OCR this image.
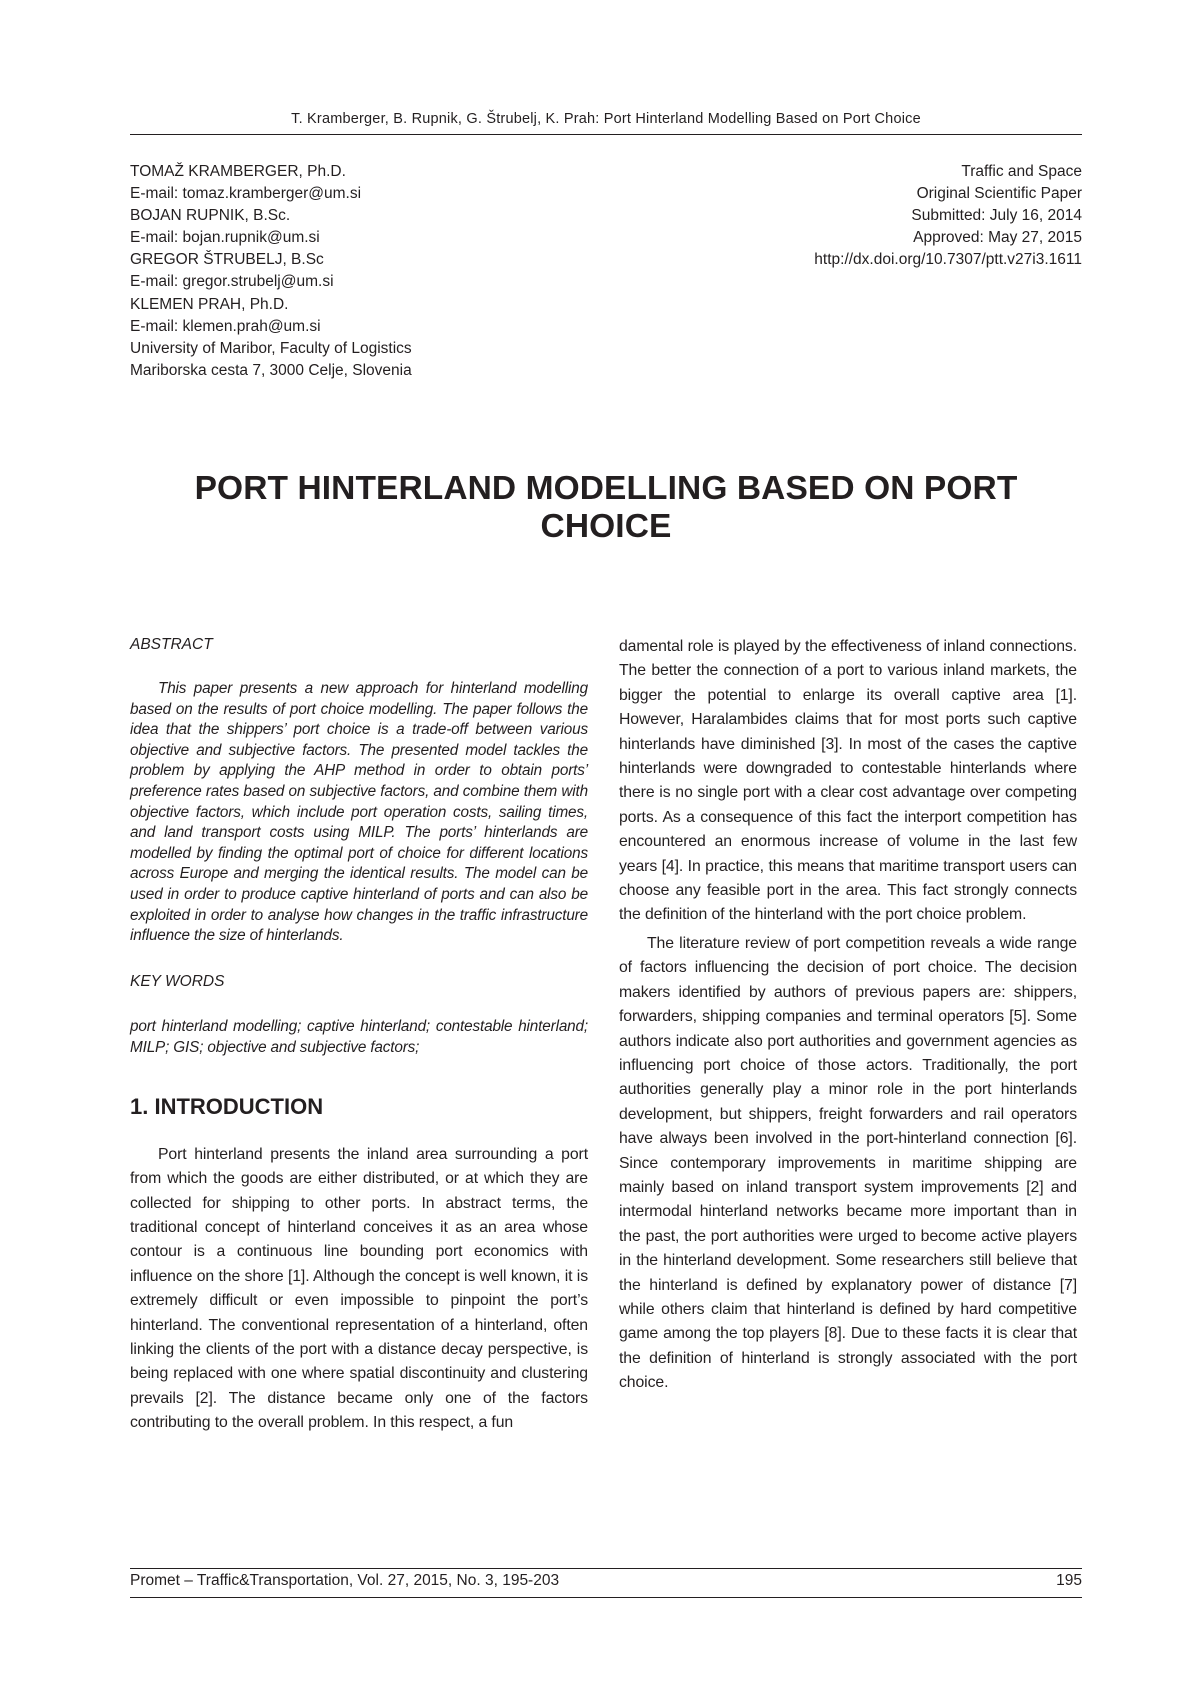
T. Kramberger, B. Rupnik, G. Štrubelj, K. Prah: Port Hinterland Modelling Based on Port Choice
TOMAŽ KRAMBERGER, Ph.D.
E-mail: tomaz.kramberger@um.si
BOJAN RUPNIK, B.Sc.
E-mail: bojan.rupnik@um.si
GREGOR ŠTRUBELJ, B.Sc
E-mail: gregor.strubelj@um.si
KLEMEN PRAH, Ph.D.
E-mail: klemen.prah@um.si
University of Maribor, Faculty of Logistics
Mariborska cesta 7, 3000 Celje, Slovenia
Traffic and Space
Original Scientific Paper
Submitted: July 16, 2014
Approved: May 27, 2015
http://dx.doi.org/10.7307/ptt.v27i3.1611
PORT HINTERLAND MODELLING BASED ON PORT CHOICE
ABSTRACT

This paper presents a new approach for hinterland modelling based on the results of port choice modelling. The paper follows the idea that the shippers’ port choice is a trade-off between various objective and subjective factors. The presented model tackles the problem by applying the AHP method in order to obtain ports’ preference rates based on subjective factors, and combine them with objective factors, which include port operation costs, sailing times, and land transport costs using MILP. The ports’ hinterlands are modelled by finding the optimal port of choice for different locations across Europe and merging the identical results. The model can be used in order to produce captive hinterland of ports and can also be exploited in order to analyse how changes in the traffic infrastructure influence the size of hinterlands.

KEY WORDS

port hinterland modelling; captive hinterland; contestable hinterland; MILP; GIS; objective and subjective factors;

1. INTRODUCTION

Port hinterland presents the inland area surrounding a port from which the goods are either distributed, or at which they are collected for shipping to other ports. In abstract terms, the traditional concept of hinterland conceives it as an area whose contour is a continuous line bounding port economics with influence on the shore [1]. Although the concept is well known, it is extremely difficult or even impossible to pinpoint the port’s hinterland. The conventional representation of a hinterland, often linking the clients of the port with a distance decay perspective, is being replaced with one where spatial discontinuity and clustering prevails [2]. The distance became only one of the factors contributing to the overall problem. In this respect, a fun

damental role is played by the effectiveness of inland connections. The better the connection of a port to various inland markets, the bigger the potential to enlarge its overall captive area [1]. However, Haralambides claims that for most ports such captive hinterlands have diminished [3]. In most of the cases the captive hinterlands were downgraded to contestable hinterlands where there is no single port with a clear cost advantage over competing ports. As a consequence of this fact the interport competition has encountered an enormous increase of volume in the last few years [4]. In practice, this means that maritime transport users can choose any feasible port in the area. This fact strongly connects the definition of the hinterland with the port choice problem.

The literature review of port competition reveals a wide range of factors influencing the decision of port choice. The decision makers identified by authors of previous papers are: shippers, forwarders, shipping companies and terminal operators [5]. Some authors indicate also port authorities and government agencies as influencing port choice of those actors. Traditionally, the port authorities generally play a minor role in the port hinterlands development, but shippers, freight forwarders and rail operators have always been involved in the port-hinterland connection [6]. Since contemporary improvements in maritime shipping are mainly based on inland transport system improvements [2] and intermodal hinterland networks became more important than in the past, the port authorities were urged to become active players in the hinterland development. Some researchers still believe that the hinterland is defined by explanatory power of distance [7] while others claim that hinterland is defined by hard competitive game among the top players [8]. Due to these facts it is clear that the definition of hinterland is strongly associated with the port choice.

Promet – Traffic&Transportation, Vol. 27, 2015, No. 3, 195-203	195
